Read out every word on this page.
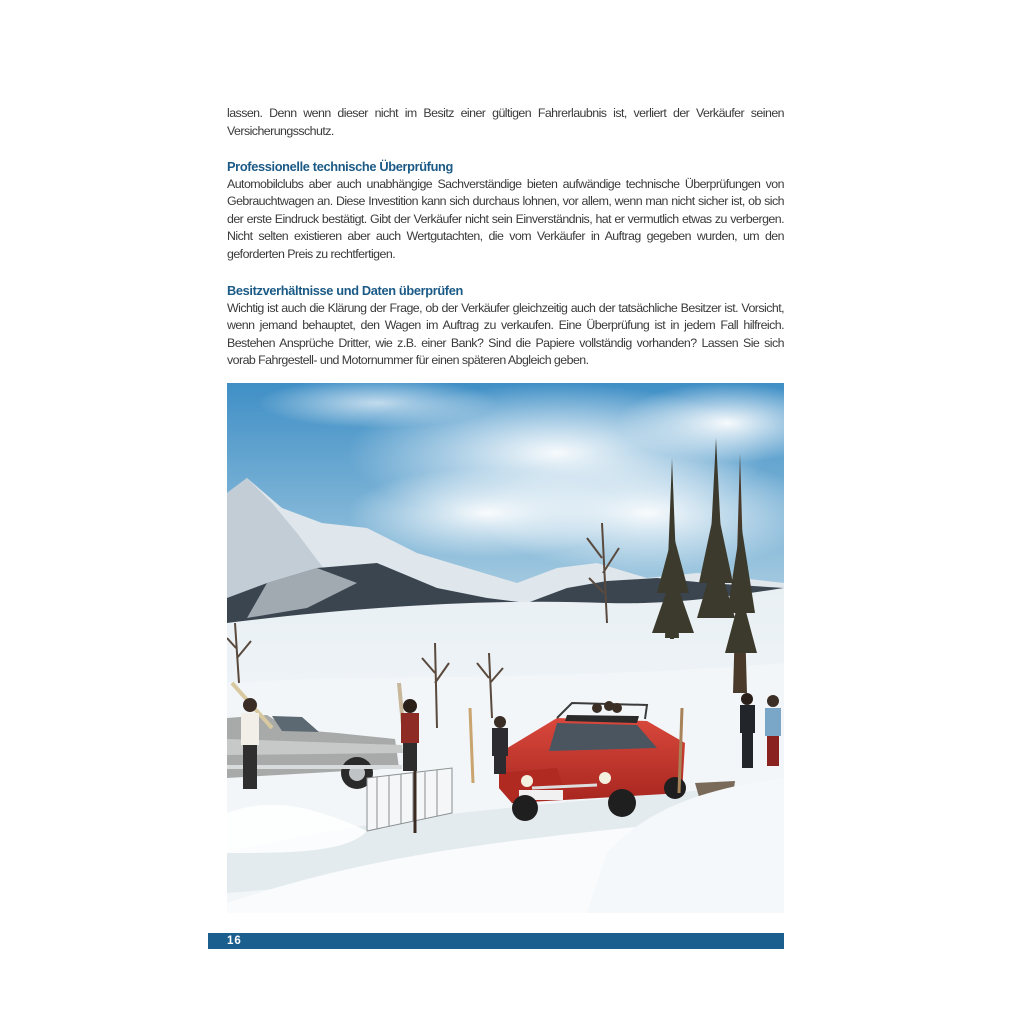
lassen. Denn wenn dieser nicht im Besitz einer gültigen Fahrerlaubnis ist, verliert der Verkäufer seinen Versicherungsschutz.

Professionelle technische Überprüfung

Automobilclubs aber auch unabhängige Sachverständige bieten aufwändige technische Überprüfungen von Gebrauchtwagen an. Diese Investition kann sich durchaus lohnen, vor allem, wenn man nicht sicher ist, ob sich der erste Eindruck bestätigt. Gibt der Verkäufer nicht sein Einverständnis, hat er vermutlich etwas zu verbergen. Nicht selten existieren aber auch Wertgutachten, die vom Verkäufer in Auftrag gegeben wurden, um den geforderten Preis zu rechtfertigen.

Besitzverhältnisse und Daten überprüfen

Wichtig ist auch die Klärung der Frage, ob der Verkäufer gleichzeitig auch der tatsächliche Besitzer ist. Vorsicht, wenn jemand behauptet, den Wagen im Auftrag zu verkaufen. Eine Überprüfung ist in jedem Fall hilfreich. Bestehen Ansprüche Dritter, wie z.B. einer Bank? Sind die Papiere vollständig vorhanden? Lassen Sie sich vorab Fahrgestell- und Motornummer für einen späteren Abgleich geben.

16
